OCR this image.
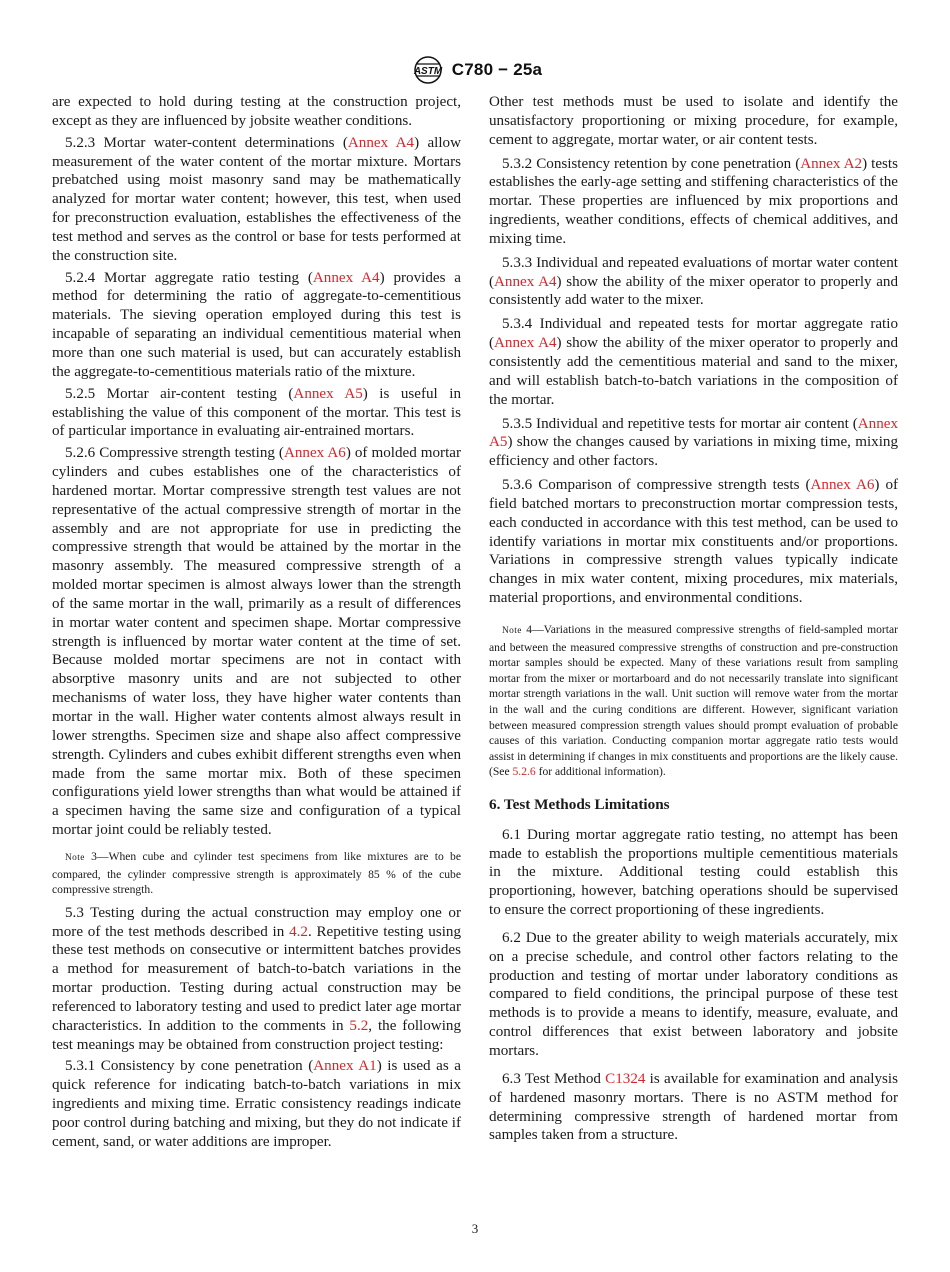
ASTM C780 − 25a

are expected to hold during testing at the construction project, except as they are influenced by jobsite weather conditions.

5.2.3 Mortar water-content determinations (Annex A4) allow measurement of the water content of the mortar mixture. Mortars prebatched using moist masonry sand may be mathematically analyzed for mortar water content; however, this test, when used for preconstruction evaluation, establishes the effectiveness of the test method and serves as the control or base for tests performed at the construction site.

5.2.4 Mortar aggregate ratio testing (Annex A4) provides a method for determining the ratio of aggregate-to-cementitious materials. The sieving operation employed during this test is incapable of separating an individual cementitious material when more than one such material is used, but can accurately establish the aggregate-to-cementitious materials ratio of the mixture.

5.2.5 Mortar air-content testing (Annex A5) is useful in establishing the value of this component of the mortar. This test is of particular importance in evaluating air-entrained mortars.

5.2.6 Compressive strength testing (Annex A6) of molded mortar cylinders and cubes establishes one of the characteristics of hardened mortar. Mortar compressive strength test values are not representative of the actual compressive strength of mortar in the assembly and are not appropriate for use in predicting the compressive strength that would be attained by the mortar in the masonry assembly. The measured compressive strength of a molded mortar specimen is almost always lower than the strength of the same mortar in the wall, primarily as a result of differences in mortar water content and specimen shape. Mortar compressive strength is influenced by mortar water content at the time of set. Because molded mortar specimens are not in contact with absorptive masonry units and are not subjected to other mechanisms of water loss, they have higher water contents than mortar in the wall. Higher water contents almost always result in lower strengths. Specimen size and shape also affect compressive strength. Cylinders and cubes exhibit different strengths even when made from the same mortar mix. Both of these specimen configurations yield lower strengths than what would be attained if a specimen having the same size and configuration of a typical mortar joint could be reliably tested.

Note 3—When cube and cylinder test specimens from like mixtures are to be compared, the cylinder compressive strength is approximately 85 % of the cube compressive strength.

5.3 Testing during the actual construction may employ one or more of the test methods described in 4.2. Repetitive testing using these test methods on consecutive or intermittent batches provides a method for measurement of batch-to-batch variations in the mortar production. Testing during actual construction may be referenced to laboratory testing and used to predict later age mortar characteristics. In addition to the comments in 5.2, the following test meanings may be obtained from construction project testing:

5.3.1 Consistency by cone penetration (Annex A1) is used as a quick reference for indicating batch-to-batch variations in mix ingredients and mixing time. Erratic consistency readings indicate poor control during batching and mixing, but they do not indicate if cement, sand, or water additions are improper.

Other test methods must be used to isolate and identify the unsatisfactory proportioning or mixing procedure, for example, cement to aggregate, mortar water, or air content tests.

5.3.2 Consistency retention by cone penetration (Annex A2) tests establishes the early-age setting and stiffening characteristics of the mortar. These properties are influenced by mix proportions and ingredients, weather conditions, effects of chemical additives, and mixing time.

5.3.3 Individual and repeated evaluations of mortar water content (Annex A4) show the ability of the mixer operator to properly and consistently add water to the mixer.

5.3.4 Individual and repeated tests for mortar aggregate ratio (Annex A4) show the ability of the mixer operator to properly and consistently add the cementitious material and sand to the mixer, and will establish batch-to-batch variations in the composition of the mortar.

5.3.5 Individual and repetitive tests for mortar air content (Annex A5) show the changes caused by variations in mixing time, mixing efficiency and other factors.

5.3.6 Comparison of compressive strength tests (Annex A6) of field batched mortars to preconstruction mortar compression tests, each conducted in accordance with this test method, can be used to identify variations in mortar mix constituents and/or proportions. Variations in compressive strength values typically indicate changes in mix water content, mixing procedures, mix materials, material proportions, and environmental conditions.

Note 4—Variations in the measured compressive strengths of field-sampled mortar and between the measured compressive strengths of construction and pre-construction mortar samples should be expected. Many of these variations result from sampling mortar from the mixer or mortarboard and do not necessarily translate into significant mortar strength variations in the wall. Unit suction will remove water from the mortar in the wall and the curing conditions are different. However, significant variation between measured compression strength values should prompt evaluation of probable causes of this variation. Conducting companion mortar aggregate ratio tests would assist in determining if changes in mix constituents and proportions are the likely cause. (See 5.2.6 for additional information).

6. Test Methods Limitations

6.1 During mortar aggregate ratio testing, no attempt has been made to establish the proportions multiple cementitious materials in the mixture. Additional testing could establish this proportioning, however, batching operations should be supervised to ensure the correct proportioning of these ingredients.

6.2 Due to the greater ability to weigh materials accurately, mix on a precise schedule, and control other factors relating to the production and testing of mortar under laboratory conditions as compared to field conditions, the principal purpose of these test methods is to provide a means to identify, measure, evaluate, and control differences that exist between laboratory and jobsite mortars.

6.3 Test Method C1324 is available for examination and analysis of hardened masonry mortars. There is no ASTM method for determining compressive strength of hardened mortar from samples taken from a structure.

3
